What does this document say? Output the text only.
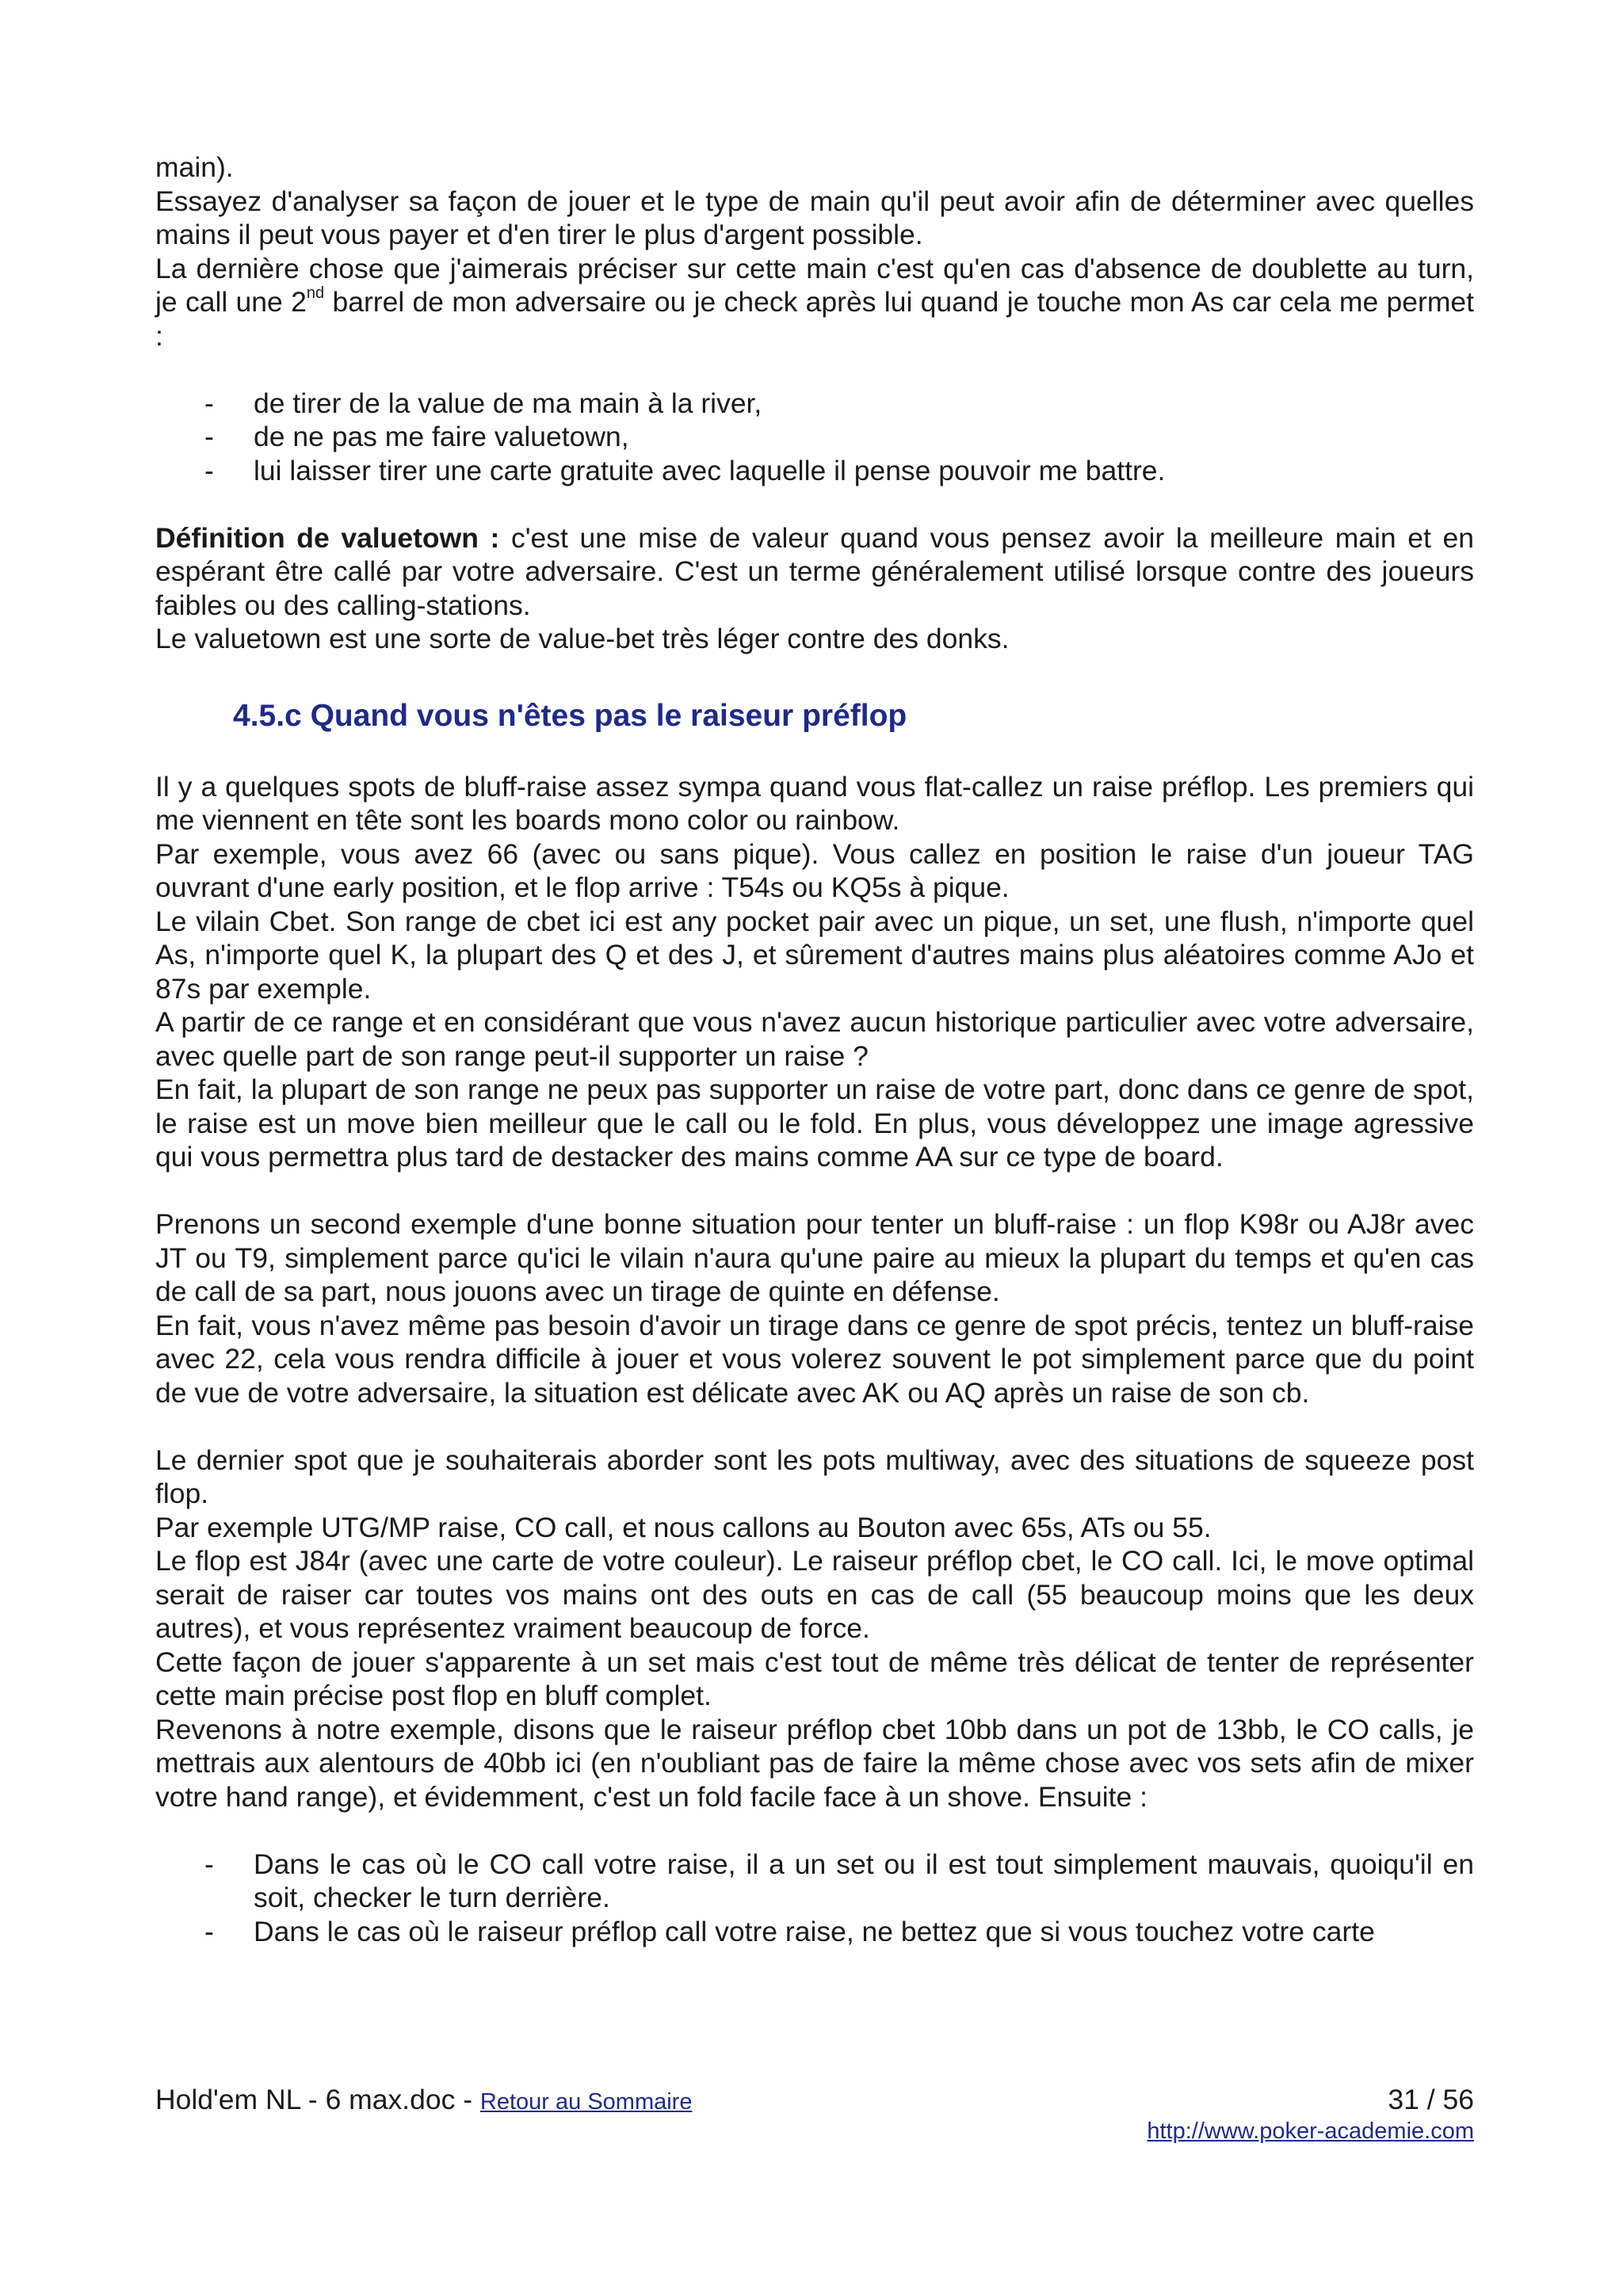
main).

Essayez d'analyser sa façon de jouer et le type de main qu'il peut avoir afin de déterminer avec quelles mains il peut vous payer et d'en tirer le plus d'argent possible.

La dernière chose que j'aimerais préciser sur cette main c'est qu'en cas d'absence de doublette au turn, je call une 2nd barrel de mon adversaire ou je check après lui quand je touche mon As car cela me permet :

- de tirer de la value de ma main à la river,
- de ne pas me faire valuetown,
- lui laisser tirer une carte gratuite avec laquelle il pense pouvoir me battre.

Définition de valuetown : c'est une mise de valeur quand vous pensez avoir la meilleure main et en espérant être callé par votre adversaire. C'est un terme généralement utilisé lorsque contre des joueurs faibles ou des calling-stations.

Le valuetown est une sorte de value-bet très léger contre des donks.

4.5.c Quand vous n'êtes pas le raiseur préflop

Il y a quelques spots de bluff-raise assez sympa quand vous flat-callez un raise préflop. Les premiers qui me viennent en tête sont les boards mono color ou rainbow.

Par exemple, vous avez 66 (avec ou sans pique). Vous callez en position le raise d'un joueur TAG ouvrant d'une early position, et le flop arrive : T54s ou KQ5s à pique.

Le vilain Cbet. Son range de cbet ici est any pocket pair avec un pique, un set, une flush, n'importe quel As, n'importe quel K, la plupart des Q et des J, et sûrement d'autres mains plus aléatoires comme AJo et 87s par exemple.

A partir de ce range et en considérant que vous n'avez aucun historique particulier avec votre adversaire, avec quelle part de son range peut-il supporter un raise ?

En fait, la plupart de son range ne peux pas supporter un raise de votre part, donc dans ce genre de spot, le raise est un move bien meilleur que le call ou le fold. En plus, vous développez une image agressive qui vous permettra plus tard de destacker des mains comme AA sur ce type de board.

Prenons un second exemple d'une bonne situation pour tenter un bluff-raise : un flop K98r ou AJ8r avec JT ou T9, simplement parce qu'ici le vilain n'aura qu'une paire au mieux la plupart du temps et qu'en cas de call de sa part, nous jouons avec un tirage de quinte en défense.

En fait, vous n'avez même pas besoin d'avoir un tirage dans ce genre de spot précis, tentez un bluff-raise avec 22, cela vous rendra difficile à jouer et vous volerez souvent le pot simplement parce que du point de vue de votre adversaire, la situation est délicate avec AK ou AQ après un raise de son cb.

Le dernier spot que je souhaiterais aborder sont les pots multiway, avec des situations de squeeze post flop.

Par exemple UTG/MP raise, CO call, et nous callons au Bouton avec 65s, ATs ou 55.

Le flop est J84r (avec une carte de votre couleur). Le raiseur préflop cbet, le CO call. Ici, le move optimal serait de raiser car toutes vos mains ont des outs en cas de call (55 beaucoup moins que les deux autres), et vous représentez vraiment beaucoup de force.

Cette façon de jouer s'apparente à un set mais c'est tout de même très délicat de tenter de représenter cette main précise post flop en bluff complet.

Revenons à notre exemple, disons que le raiseur préflop cbet 10bb dans un pot de 13bb, le CO calls, je mettrais aux alentours de 40bb ici (en n'oubliant pas de faire la même chose avec vos sets afin de mixer votre hand range), et évidemment, c'est un fold facile face à un shove. Ensuite :

- Dans le cas où le CO call votre raise, il a un set ou il est tout simplement mauvais, quoiqu'il en soit, checker le turn derrière.
- Dans le cas où le raiseur préflop call votre raise, ne bettez que si vous touchez votre carte
Hold'em NL - 6 max.doc - Retour au Sommaire	31 / 56
http://www.poker-academie.com
